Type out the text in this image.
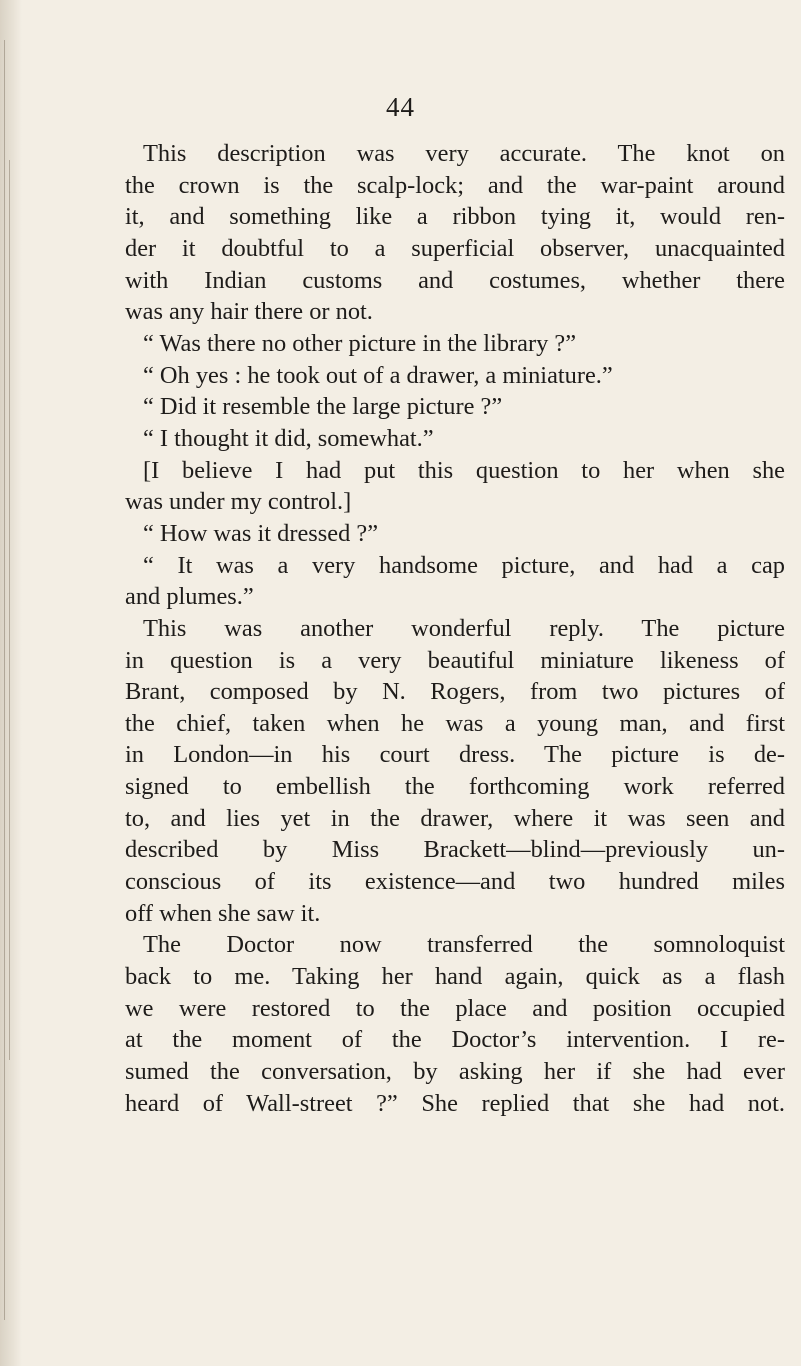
44
This description was very accurate. The knot on
the crown is the scalp-lock; and the war-paint around
it, and something like a ribbon tying it, would ren-
der it doubtful to a superficial observer, unacquainted
with Indian customs and costumes, whether there
was any hair there or not.
“ Was there no other picture in the library ?”
“ Oh yes : he took out of a drawer, a miniature.”
“ Did it resemble the large picture ?”
“ I thought it did, somewhat.”
[I believe I had put this question to her when she
was under my control.]
“ How was it dressed ?”
“ It was a very handsome picture, and had a cap
and plumes.”
This was another wonderful reply. The picture
in question is a very beautiful miniature likeness of
Brant, composed by N. Rogers, from two pictures of
the chief, taken when he was a young man, and first
in London—in his court dress. The picture is de-
signed to embellish the forthcoming work referred
to, and lies yet in the drawer, where it was seen and
described by Miss Brackett—blind—previously un-
conscious of its existence—and two hundred miles
off when she saw it.
The Doctor now transferred the somnoloquist
back to me. Taking her hand again, quick as a flash
we were restored to the place and position occupied
at the moment of the Doctor’s intervention. I re-
sumed the conversation, by asking her if she had ever
heard of Wall-street ?” She replied that she had not.
